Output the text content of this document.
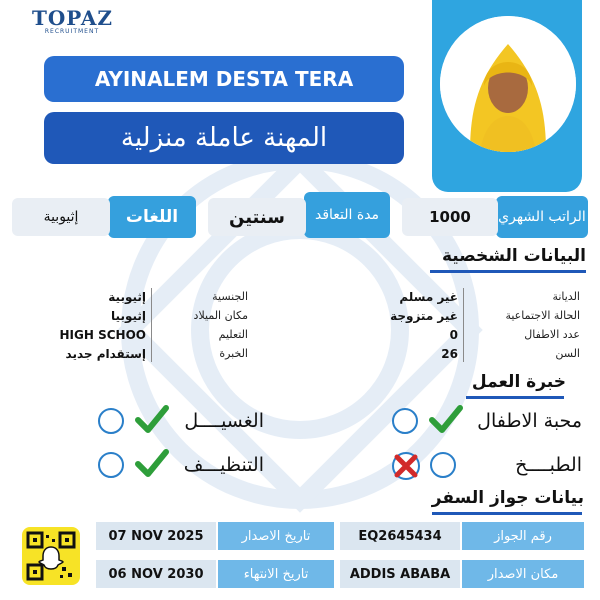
TOPAZ
RECRUITMENT
AYINALEM DESTA TERA
المهنة عاملة منزلية
الراتب الشهري
1000
مدة التعاقد
سنتين
اللغات
إثيوبية
البيانات الشخصية
الديانة
غير مسلم
الحالة الاجتماعية
غير متزوجة
عدد الاطفال
0
السن
26
الجنسية
إثيوبية
مكان الميلاد
إثيوبيا
التعليم
HIGH SCHOO
الخبرة
إستقدام جديد
خبرة العمل
محبة الاطفال
الغسيــــل
الطبــــخ
التنظيـــف
بيانات جواز السفر
رقم الجواز
EQ2645434
تاريخ الاصدار
07 NOV 2025
مكان الاصدار
ADDIS ABABA
تاريخ الانتهاء
06 NOV 2030
